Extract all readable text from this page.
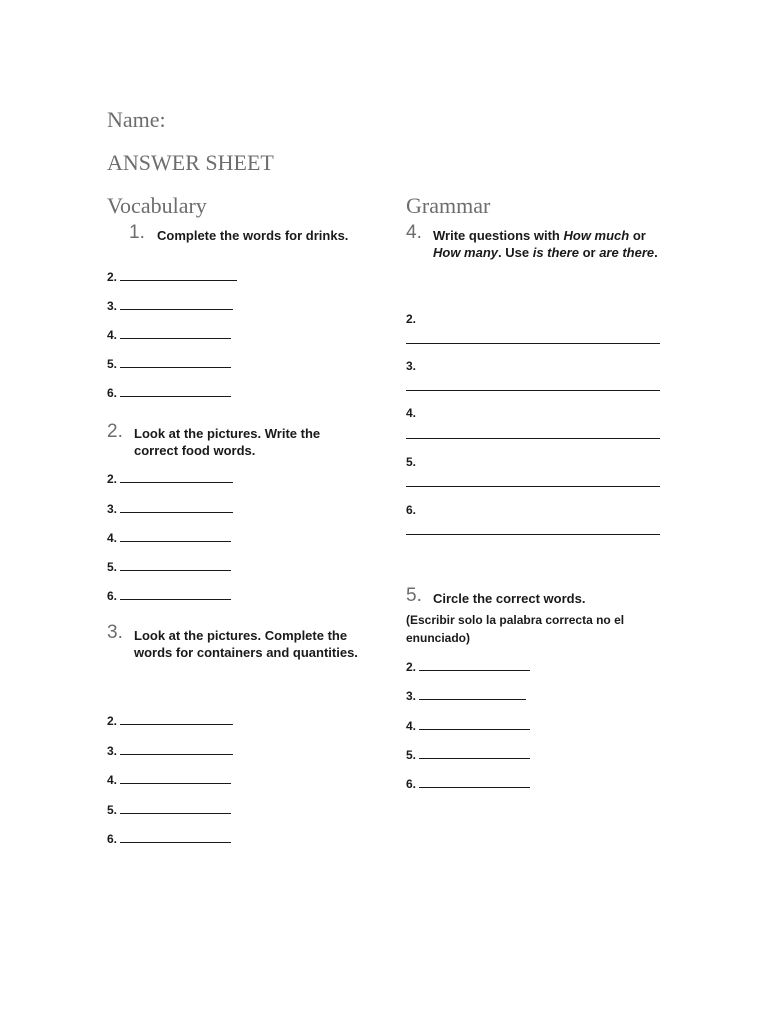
Name:
ANSWER SHEET
Vocabulary
1. Complete the words for drinks.
2.
3.
4.
5.
6.
2. Look at the pictures. Write the correct food words.
2.
3.
4.
5.
6.
3. Look at the pictures. Complete the words for containers and quantities.
2.
3.
4.
5.
6.
Grammar
4. Write questions with How much or How many. Use is there or are there.
2.
3.
4.
5.
6.
5. Circle the correct words.
(Escribir solo la palabra correcta no el enunciado)
2.
3.
4.
5.
6.
